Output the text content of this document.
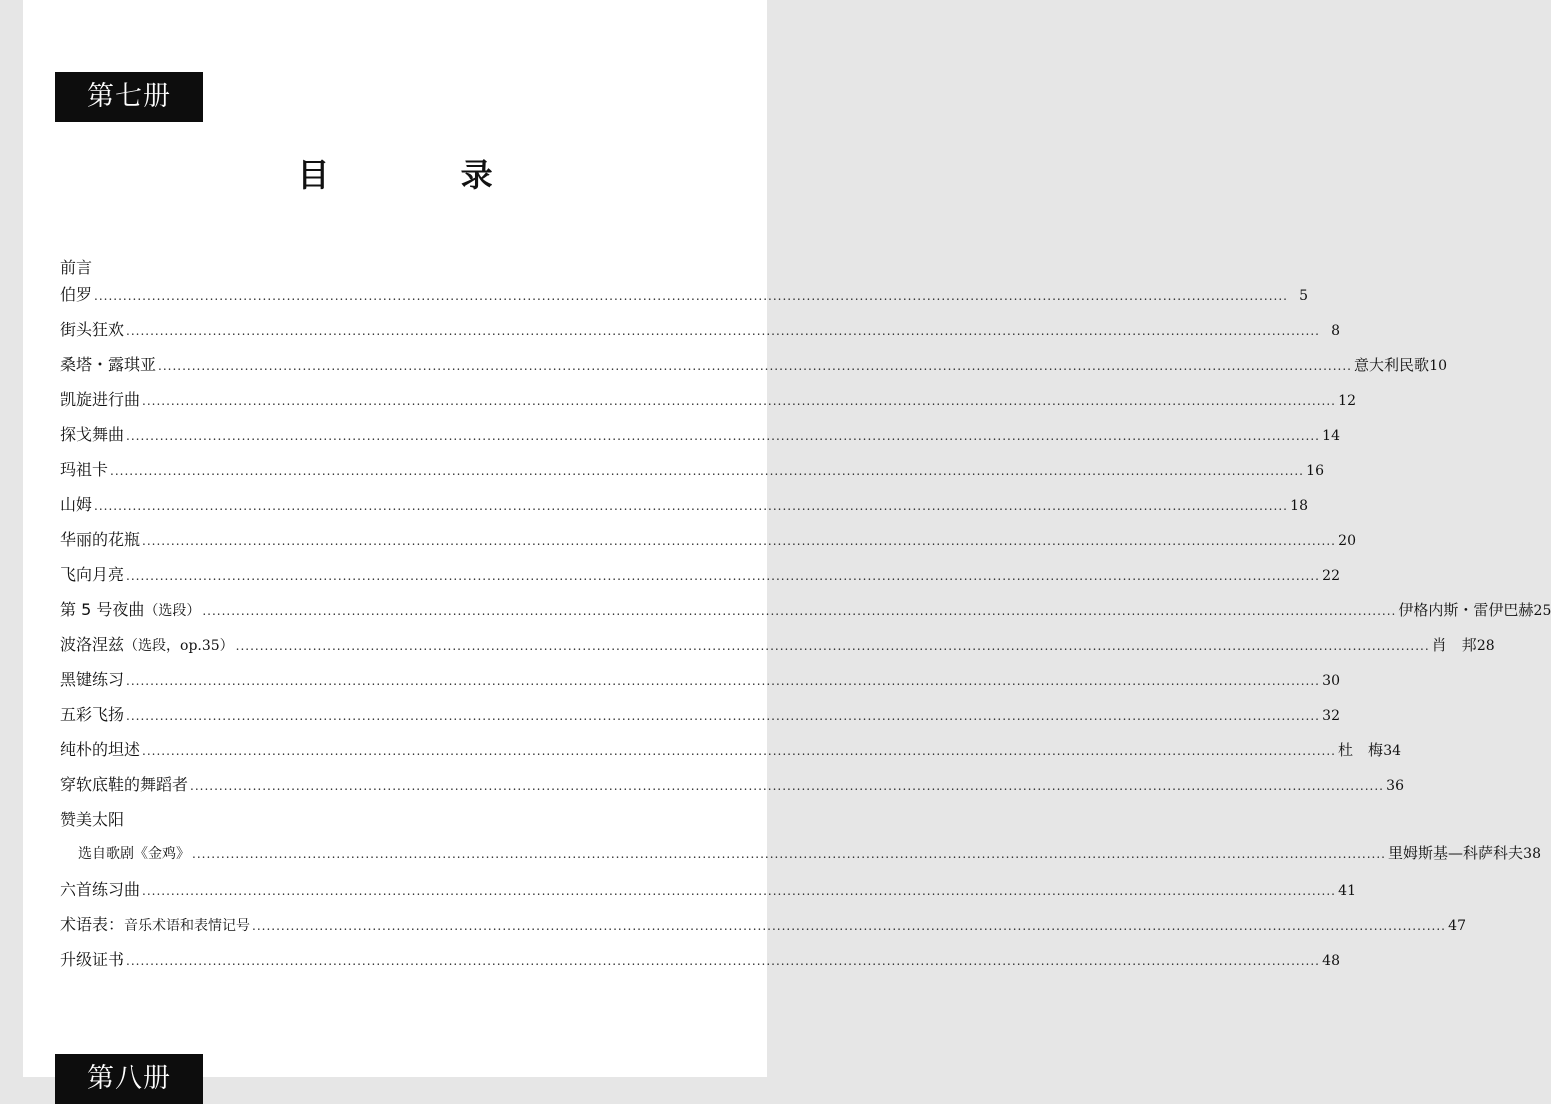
第七册
目 录
前言
伯罗 .....	5
街头狂欢 .....	8
桑塔・露琪亚 .....	意大利民歌 10
凯旋进行曲 .....	12
探戈舞曲 .....	14
玛祖卡 .....	16
山姆 .....	18
华丽的花瓶 .....	20
飞向月亮 .....	22
第 5 号夜曲 （选段） .....	伊格内斯・雷伊巴赫 25
波洛涅兹 （选段，op.35） .....	肖　邦 28
黑键练习 .....	30
五彩飞扬 .....	32
纯朴的坦述 .....	杜　梅 34
穿软底鞋的舞蹈者 .....	36
赞美太阳
选自歌剧《金鸡》 .....	里姆斯基—科萨科夫 38
六首练习曲 .....	41
术语表： 音乐术语和表情记号 .....	47
升级证书 .....	48
第八册
